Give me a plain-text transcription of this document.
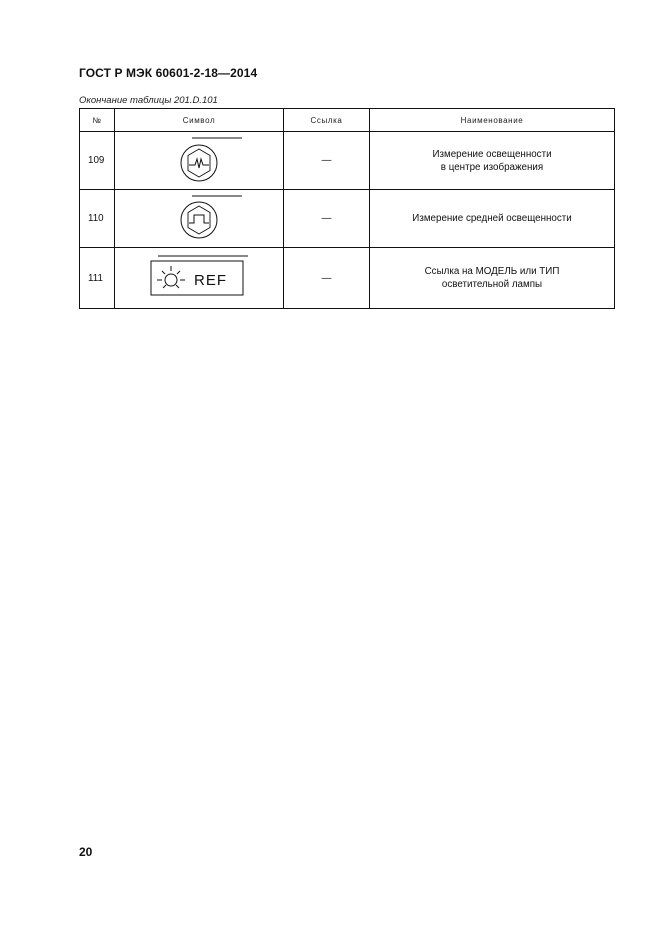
ГОСТ Р МЭК 60601-2-18—2014
Окончание таблицы 201.D.101
№	Символ	Ссылка	Наименование
109		—	Измерение освещенности
в центре изображения

110		—	Измерение средней освещенности

111	REF	—	Ссылка на МОДЕЛЬ или ТИП
осветительной лампы
20
